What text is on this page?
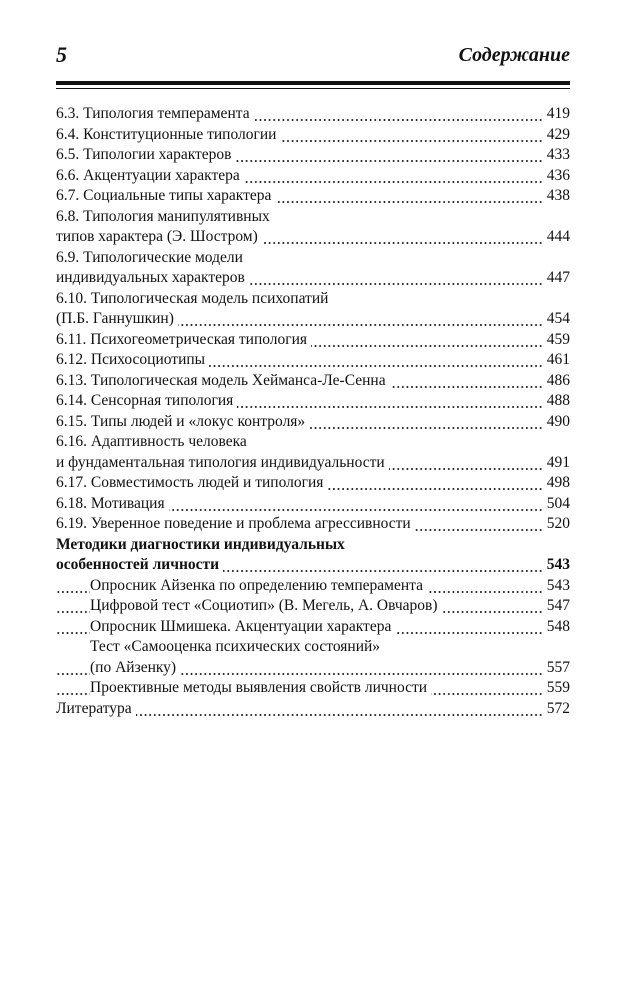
5	Содержание
6.3. Типология темперамента	419
6.4. Конституционные типологии	429
6.5. Типологии характеров	433
6.6. Акцентуации характера	436
6.7. Социальные типы характера	438
6.8. Типология манипулятивных
типов характера (Э. Шостром)	444
6.9. Типологические модели
индивидуальных характеров	447
6.10. Типологическая модель психопатий
(П.Б. Ганнушкин)	454
6.11. Психогеометрическая типология	459
6.12. Психосоциотипы	461
6.13. Типологическая модель Хейманса-Ле-Сенна	486
6.14. Сенсорная типология	488
6.15. Типы людей и «локус контроля»	490
6.16. Адаптивность человека
и фундаментальная типология индивидуальности	491
6.17. Совместимость людей и типология	498
6.18. Мотивация	504
6.19. Уверенное поведение и проблема агрессивности	520
Методики диагностики индивидуальных
особенностей личности	543
Опросник Айзенка по определению темперамента	543
Цифровой тест «Социотип» (В. Мегель, А. Овчаров)	547
Опросник Шмишека. Акцентуации характера	548
Тест «Самооценка психических состояний»
(по Айзенку)	557
Проективные методы выявления свойств личности	559
Литература	572
